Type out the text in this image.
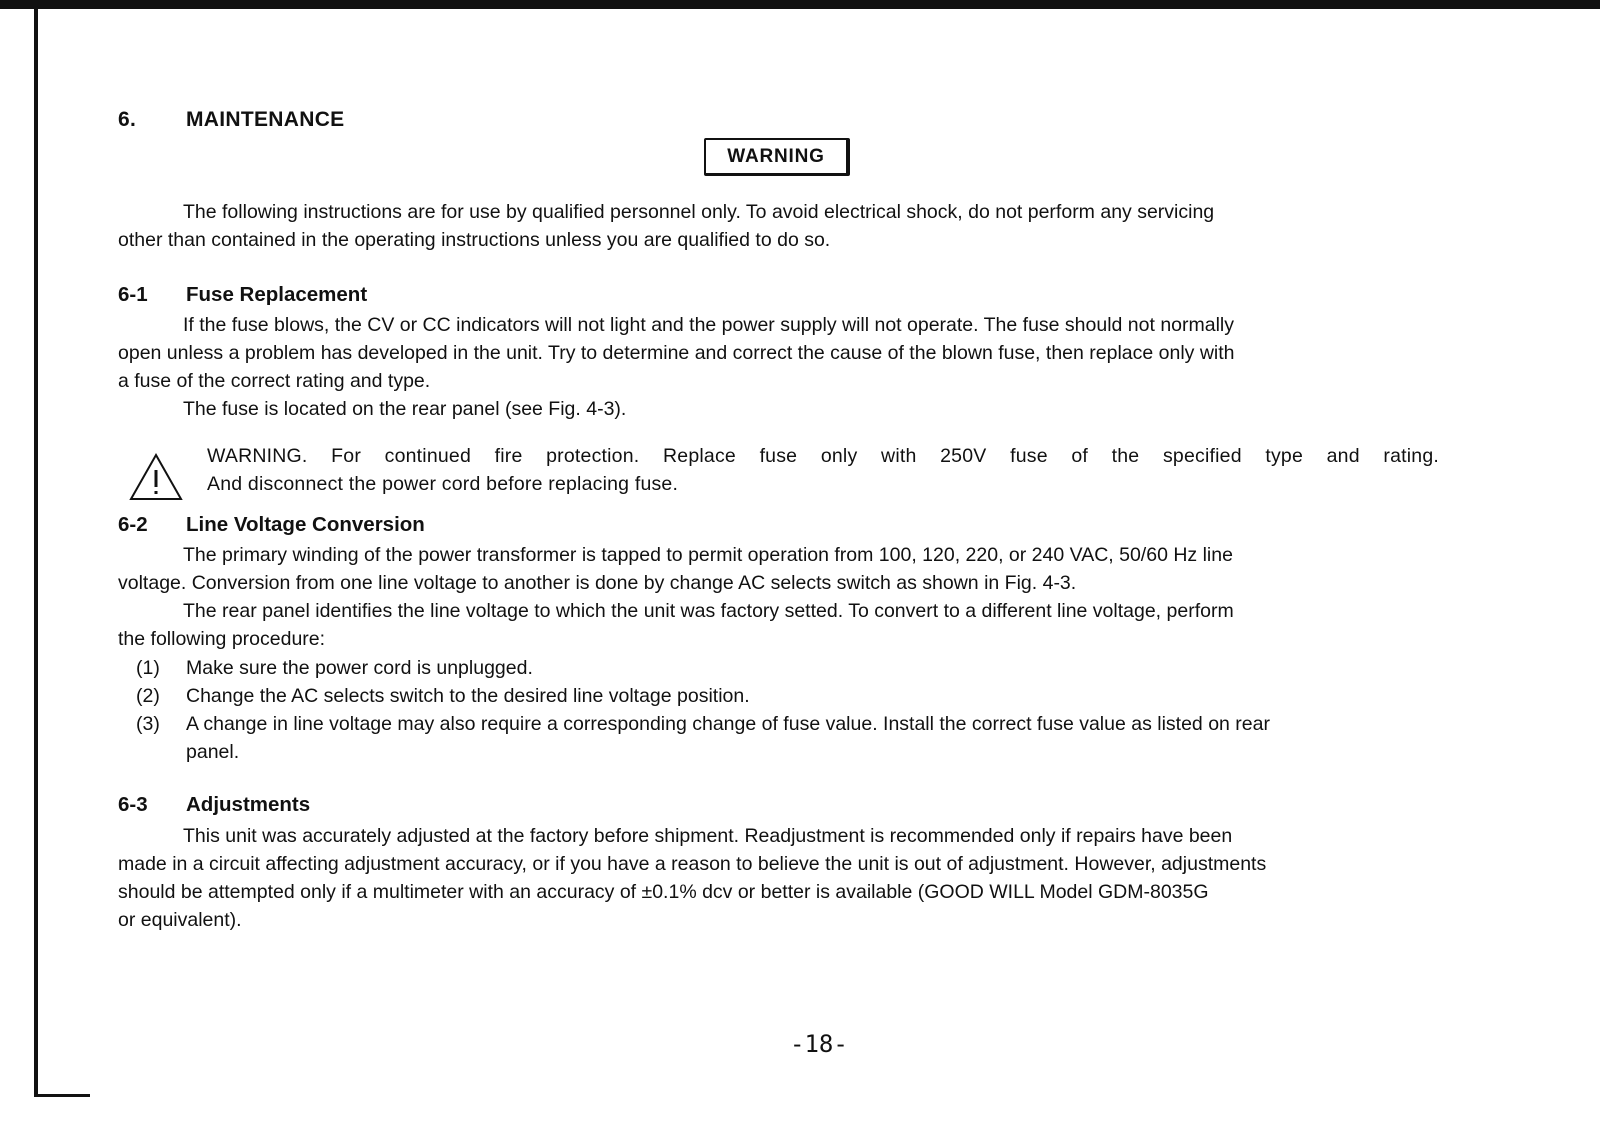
6. MAINTENANCE
WARNING

The following instructions are for use by qualified personnel only. To avoid electrical shock, do not perform any servicing
other than contained in the operating instructions unless you are qualified to do so.

6-1 Fuse Replacement

If the fuse blows, the CV or CC indicators will not light and the power supply will not operate. The fuse should not normally
open unless a problem has developed in the unit. Try to determine and correct the cause of the blown fuse, then replace only with
a fuse of the correct rating and type.
The fuse is located on the rear panel (see Fig. 4-3).

WARNING. For continued fire protection. Replace fuse only with 250V fuse of the specified type and rating.
And disconnect the power cord before replacing fuse.
6-2 Line Voltage Conversion

The primary winding of the power transformer is tapped to permit operation from 100, 120, 220, or 240 VAC, 50/60 Hz line
voltage. Conversion from one line voltage to another is done by change AC selects switch as shown in Fig. 4-3.
The rear panel identifies the line voltage to which the unit was factory setted. To convert to a different line voltage, perform
the following procedure:

(1) Make sure the power cord is unplugged.
(2) Change the AC selects switch to the desired line voltage position.
(3) A change in line voltage may also require a corresponding change of fuse value. Install the correct fuse value as listed on rear
panel.
6-3 Adjustments

This unit was accurately adjusted at the factory before shipment. Readjustment is recommended only if repairs have been
made in a circuit affecting adjustment accuracy, or if you have a reason to believe the unit is out of adjustment. However, adjustments
should be attempted only if a multimeter with an accuracy of ±0.1% dcv or better is available (GOOD WILL Model GDM-8035G
or equivalent).

-18-
